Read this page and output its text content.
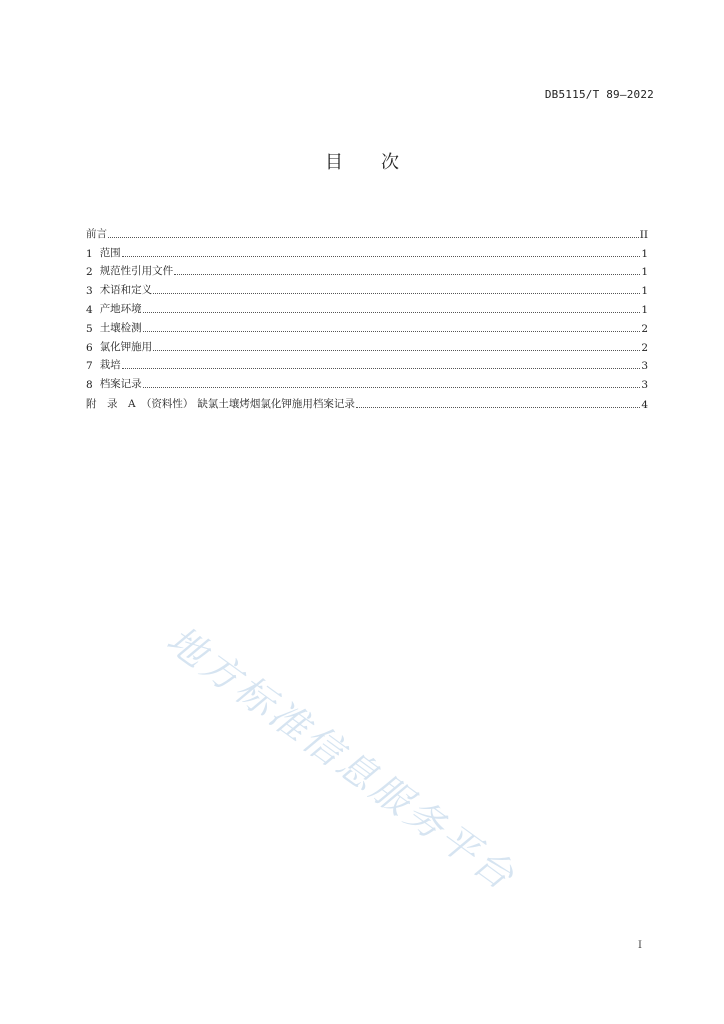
DB5115/T 89—2022
目 次
前言	II
1 范围	1
2 规范性引用文件	1
3 术语和定义	1
4 产地环境	1
5 土壤检测	2
6 氯化钾施用	2
7 栽培	3
8 档案记录	3
附　录　A　（资料性） 缺氯土壤烤烟氯化钾施用档案记录	4
地方标准信息服务平台
I
